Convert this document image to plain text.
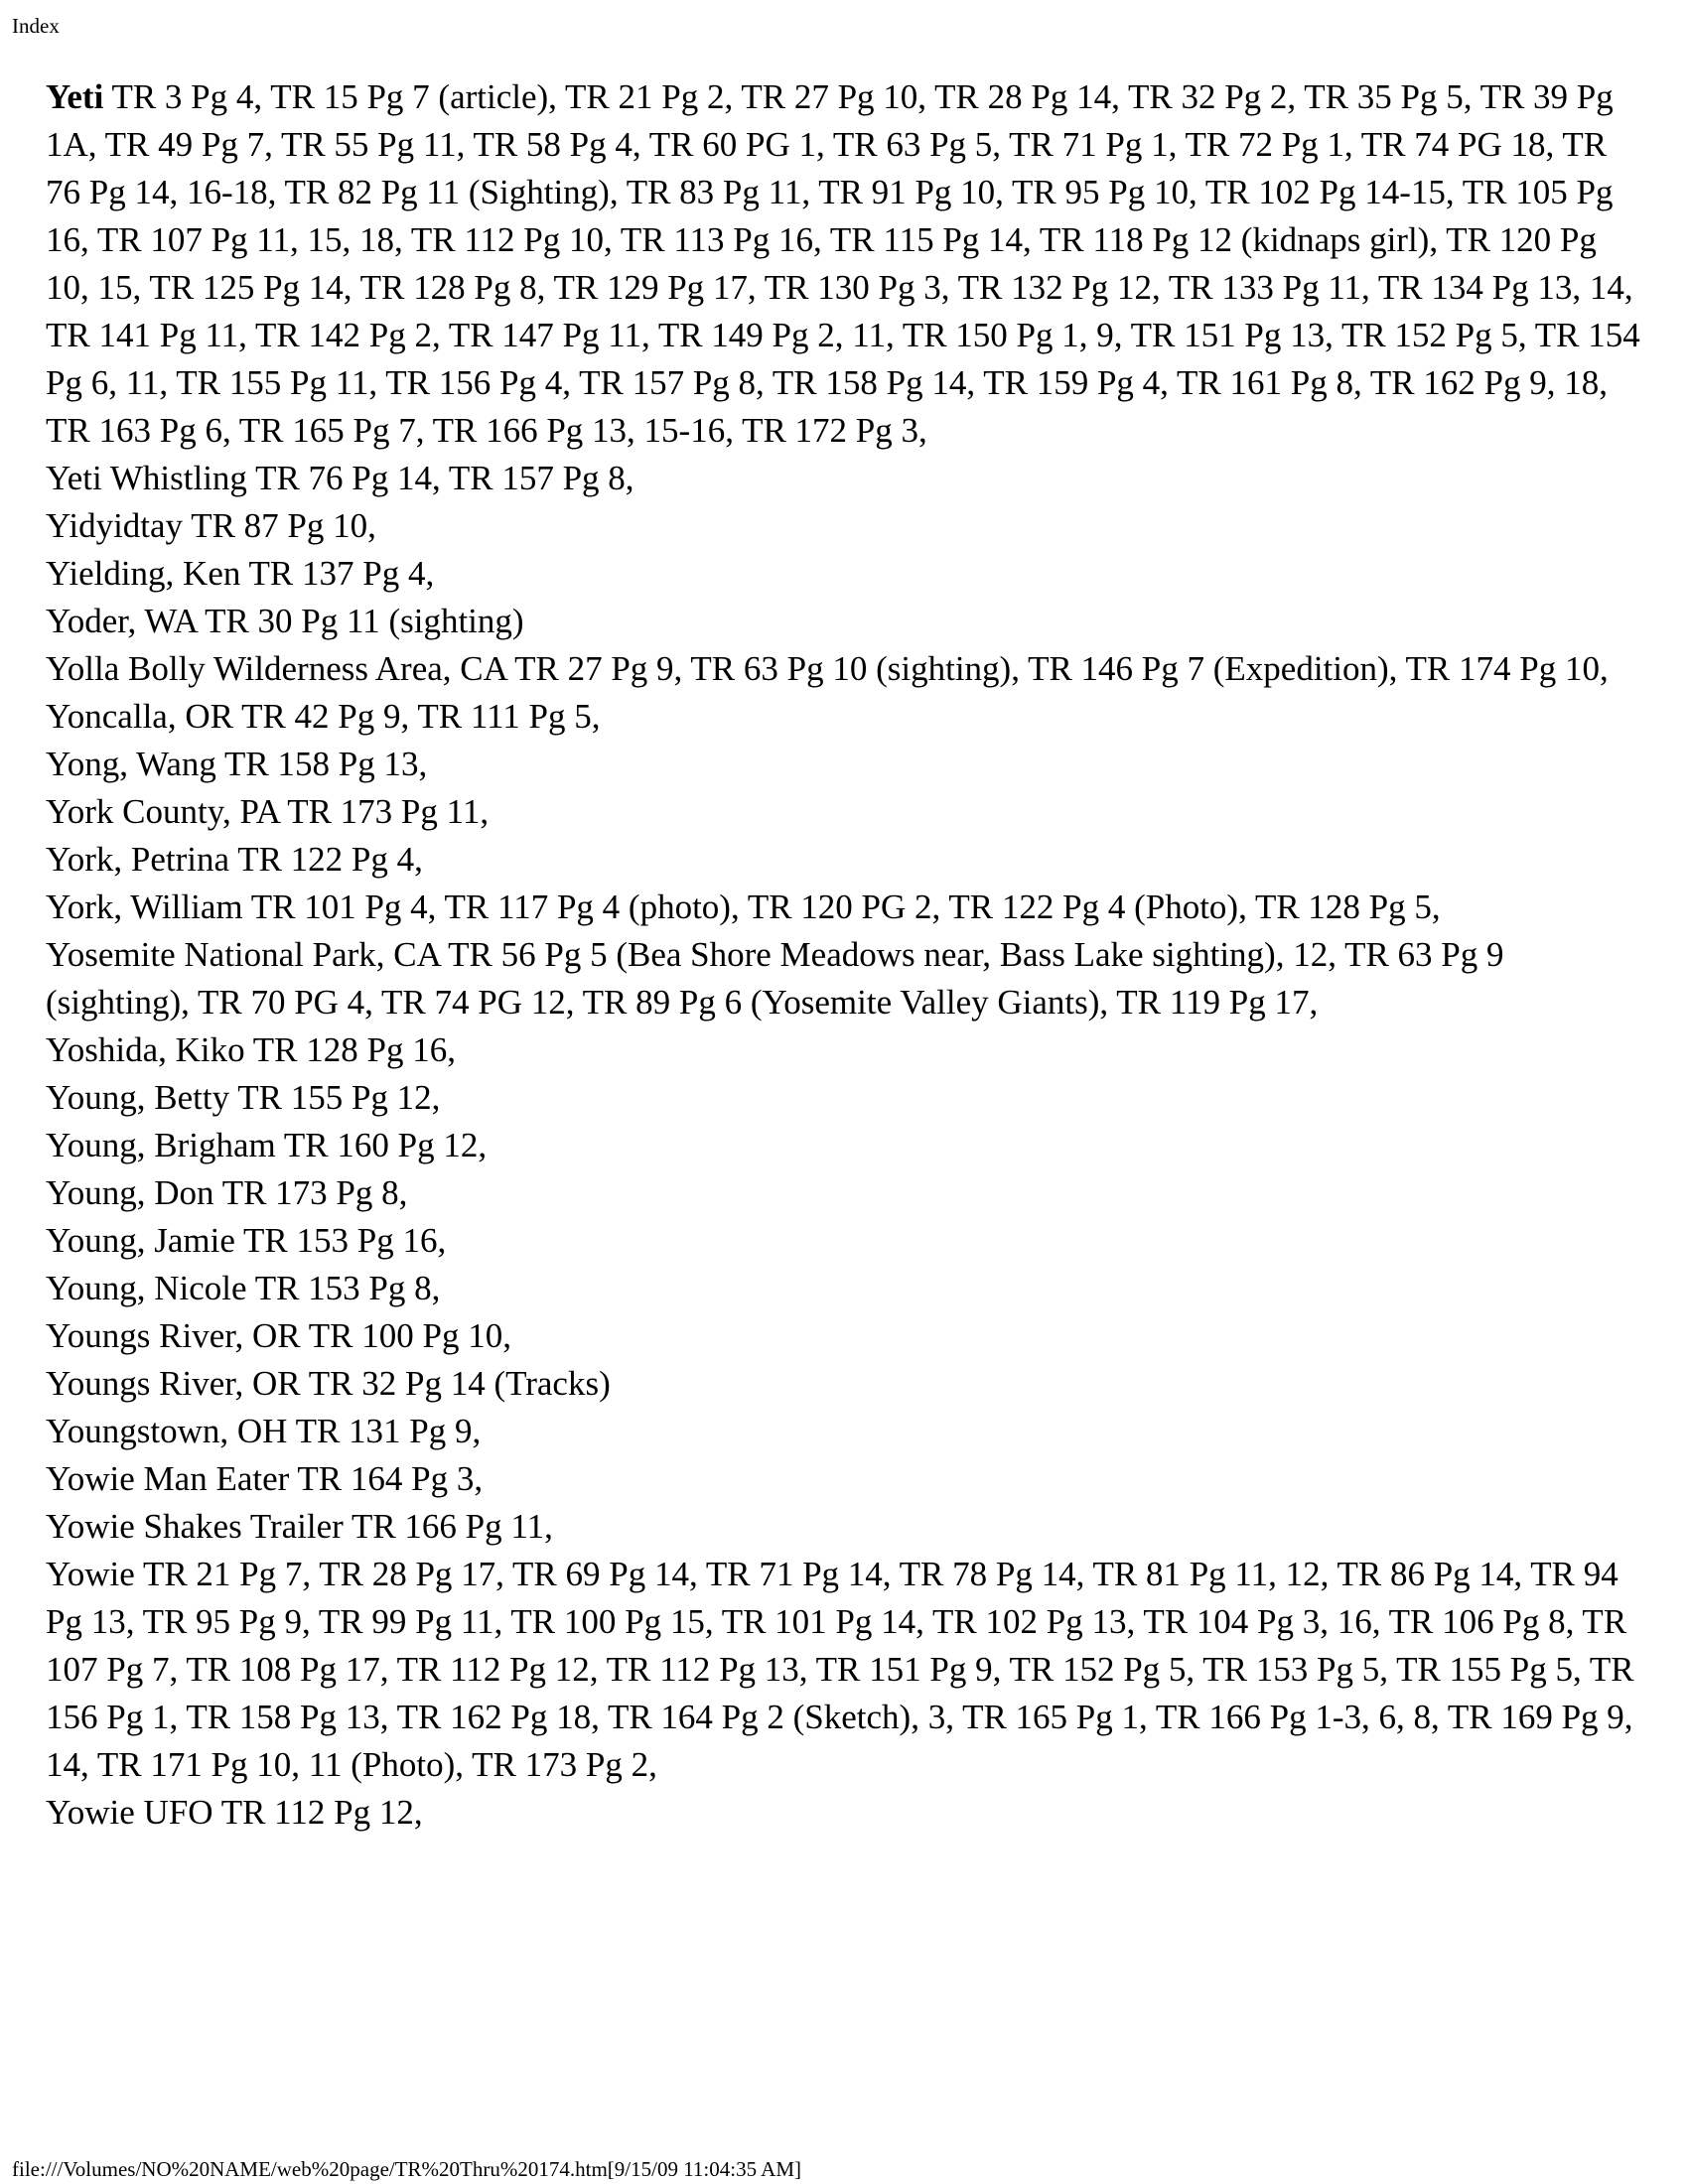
Index

Yeti TR 3 Pg 4, TR 15 Pg 7 (article), TR 21 Pg 2, TR 27 Pg 10, TR 28 Pg 14, TR 32 Pg 2, TR 35 Pg 5, TR 39 Pg 1A, TR 49 Pg 7, TR 55 Pg 11, TR 58 Pg 4, TR 60 PG 1, TR 63 Pg 5, TR 71 Pg 1, TR 72 Pg 1, TR 74 PG 18, TR 76 Pg 14, 16-18, TR 82 Pg 11 (Sighting), TR 83 Pg 11, TR 91 Pg 10, TR 95 Pg 10, TR 102 Pg 14-15, TR 105 Pg 16, TR 107 Pg 11, 15, 18, TR 112 Pg 10, TR 113 Pg 16, TR 115 Pg 14, TR 118 Pg 12 (kidnaps girl), TR 120 Pg 10, 15, TR 125 Pg 14, TR 128 Pg 8, TR 129 Pg 17, TR 130 Pg 3, TR 132 Pg 12, TR 133 Pg 11, TR 134 Pg 13, 14, TR 141 Pg 11, TR 142 Pg 2, TR 147 Pg 11, TR 149 Pg 2, 11, TR 150 Pg 1, 9, TR 151 Pg 13, TR 152 Pg 5, TR 154 Pg 6, 11, TR 155 Pg 11, TR 156 Pg 4, TR 157 Pg 8, TR 158 Pg 14, TR 159 Pg 4, TR 161 Pg 8, TR 162 Pg 9, 18, TR 163 Pg 6, TR 165 Pg 7, TR 166 Pg 13, 15-16, TR 172 Pg 3,

Yeti Whistling TR 76 Pg 14, TR 157 Pg 8,

Yidyidtay TR 87 Pg 10,

Yielding, Ken TR 137 Pg 4,

Yoder, WA TR 30 Pg 11 (sighting)

Yolla Bolly Wilderness Area, CA TR 27 Pg 9, TR 63 Pg 10 (sighting), TR 146 Pg 7 (Expedition), TR 174 Pg 10,

Yoncalla, OR TR 42 Pg 9, TR 111 Pg 5,

Yong, Wang TR 158 Pg 13,

York County, PA TR 173 Pg 11,

York, Petrina TR 122 Pg 4,

York, William TR 101 Pg 4, TR 117 Pg 4 (photo), TR 120 PG 2, TR 122 Pg 4 (Photo), TR 128 Pg 5,

Yosemite National Park, CA TR 56 Pg 5 (Bea Shore Meadows near, Bass Lake sighting), 12, TR 63 Pg 9 (sighting), TR 70 PG 4, TR 74 PG 12, TR 89 Pg 6 (Yosemite Valley Giants), TR 119 Pg 17,

Yoshida, Kiko TR 128 Pg 16,

Young, Betty TR 155 Pg 12,

Young, Brigham TR 160 Pg 12,

Young, Don TR 173 Pg 8,

Young, Jamie TR 153 Pg 16,

Young, Nicole TR 153 Pg 8,

Youngs River, OR TR 100 Pg 10,

Youngs River, OR TR 32 Pg 14 (Tracks)

Youngstown, OH TR 131 Pg 9,

Yowie Man Eater TR 164 Pg 3,

Yowie Shakes Trailer TR 166 Pg 11,

Yowie TR 21 Pg 7, TR 28 Pg 17, TR 69 Pg 14, TR 71 Pg 14, TR 78 Pg 14, TR 81 Pg 11, 12, TR 86 Pg 14, TR 94 Pg 13, TR 95 Pg 9, TR 99 Pg 11, TR 100 Pg 15, TR 101 Pg 14, TR 102 Pg 13, TR 104 Pg 3, 16, TR 106 Pg 8, TR 107 Pg 7, TR 108 Pg 17, TR 112 Pg 12, TR 112 Pg 13, TR 151 Pg 9, TR 152 Pg 5, TR 153 Pg 5, TR 155 Pg 5, TR 156 Pg 1, TR 158 Pg 13, TR 162 Pg 18, TR 164 Pg 2 (Sketch), 3, TR 165 Pg 1, TR 166 Pg 1-3, 6, 8, TR 169 Pg 9, 14, TR 171 Pg 10, 11 (Photo), TR 173 Pg 2,

Yowie UFO TR 112 Pg 12,

file:///Volumes/NO%20NAME/web%20page/TR%20Thru%20174.htm[9/15/09 11:04:35 AM]
